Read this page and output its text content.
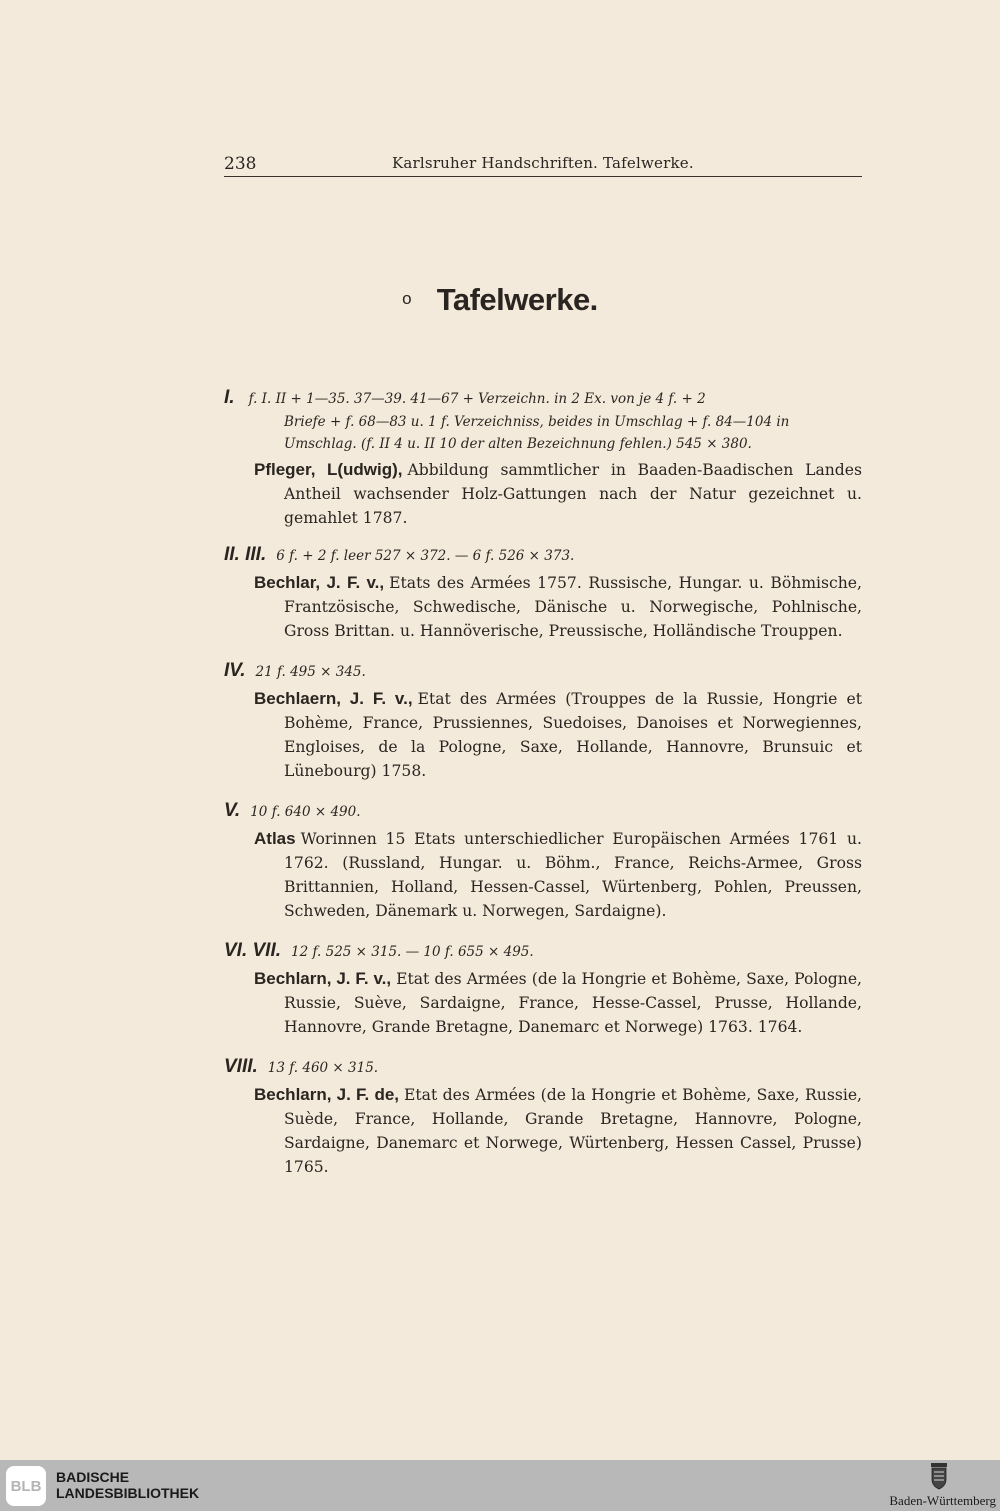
238	Karlsruher Handschriften. Tafelwerke.
o Tafelwerke.
I. f. I. II + 1—35. 37—39. 41—67 + Verzeichn. in 2 Ex. von je 4 f. + 2
Briefe + f. 68—83 u. 1 f. Verzeichniss, beides in Umschlag + f. 84—104 in
Umschlag. (f. II 4 u. II 10 der alten Bezeichnung fehlen.) 545 × 380.
Pfleger, L(udwig), Abbildung sammtlicher in Baaden-Baadischen Landes Antheil wachsender Holz-Gattungen nach der Natur gezeichnet u. gemahlet 1787.
II. III. 6 f. + 2 f. leer 527 × 372. — 6 f. 526 × 373.
Bechlar, J. F. v., Etats des Armées 1757. Russische, Hungar. u. Böhmische, Frantzösische, Schwedische, Dänische u. Norwegische, Pohlnische, Gross Brittan. u. Hannöverische, Preussische, Holländische Trouppen.
IV. 21 f. 495 × 345.
Bechlaern, J. F. v., Etat des Armées (Trouppes de la Russie, Hongrie et Bohème, France, Prussiennes, Suedoises, Danoises et Norwegiennes, Engloises, de la Pologne, Saxe, Hollande, Hannovre, Brunsuic et Lünebourg) 1758.
V. 10 f. 640 × 490.
Atlas Worinnen 15 Etats unterschiedlicher Europäischen Armées 1761 u. 1762. (Russland, Hungar. u. Böhm., France, Reichs-Armee, Gross Brittannien, Holland, Hessen-Cassel, Würtenberg, Pohlen, Preussen, Schweden, Dänemark u. Norwegen, Sardaigne).
VI. VII. 12 f. 525 × 315. — 10 f. 655 × 495.
Bechlarn, J. F. v., Etat des Armées (de la Hongrie et Bohème, Saxe, Pologne, Russie, Suève, Sardaigne, France, Hesse-Cassel, Prusse, Hollande, Hannovre, Grande Bretagne, Danemarc et Norwege) 1763. 1764.
VIII. 13 f. 460 × 315.
Bechlarn, J. F. de, Etat des Armées (de la Hongrie et Bohème, Saxe, Russie, Suède, France, Hollande, Grande Bretagne, Hannovre, Pologne, Sardaigne, Danemarc et Norwege, Würtenberg, Hessen Cassel, Prusse) 1765.
BLB
BADISCHE
LANDESBIBLIOTHEK	Baden-Württemberg
